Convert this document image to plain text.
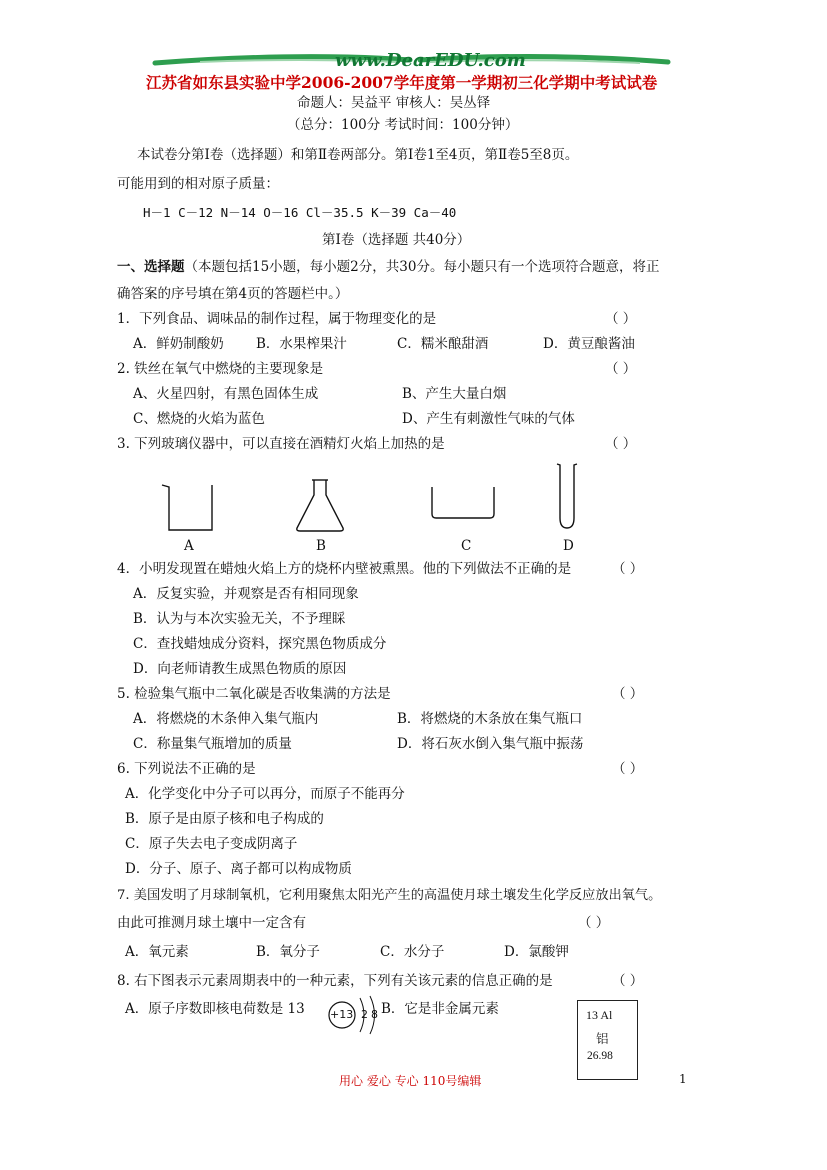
www.DearEDU.com
江苏省如东县实验中学2006-2007学年度第一学期初三化学期中考试试卷
命题人：吴益平 审核人：吴丛铎
（总分：100分 考试时间：100分钟）
本试卷分第Ⅰ卷（选择题）和第Ⅱ卷两部分。第Ⅰ卷1至4页，第Ⅱ卷5至8页。
可能用到的相对原子质量：
H－1 C－12 N－14 O－16 Cl－35.5 K－39 Ca－40
第Ⅰ卷（选择题 共40分）
一、选择题（本题包括15小题，每小题2分，共30分。每小题只有一个选项符合题意，将正
确答案的序号填在第4页的答题栏中。）
1．下列食品、调味品的制作过程，属于物理变化的是	（ ）
A．鲜奶制酸奶 B．水果榨果汁	C．糯米酿甜酒	D．黄豆酿酱油
2. 铁丝在氧气中燃烧的主要现象是	（ ）
A、火星四射，有黑色固体生成	B、产生大量白烟
C、燃烧的火焰为蓝色	D、产生有刺激性气味的气体
3. 下列玻璃仪器中，可以直接在酒精灯火焰上加热的是	（ ）
A	B	C	D
4．小明发现置在蜡烛火焰上方的烧杯内壁被熏黑。他的下列做法不正确的是	（ ）
A．反复实验，并观察是否有相同现象
B．认为与本次实验无关，不予理睬
C．查找蜡烛成分资料，探究黑色物质成分
D．向老师请教生成黑色物质的原因
5. 检验集气瓶中二氧化碳是否收集满的方法是	（ ）
A．将燃烧的木条伸入集气瓶内	B．将燃烧的木条放在集气瓶口
C．称量集气瓶增加的质量	D．将石灰水倒入集气瓶中振荡
6. 下列说法不正确的是	（ ）
A．化学变化中分子可以再分，而原子不能再分
B．原子是由原子核和电子构成的
C．原子失去电子变成阴离子
D．分子、原子、离子都可以构成物质
7. 美国发明了月球制氧机，它利用聚焦太阳光产生的高温使月球土壤发生化学反应放出氧气。
由此可推测月球土壤中一定含有	（ ）
A．氧元素	B．氧分子	C．水分子	D．氯酸钾
8. 右下图表示元素周期表中的一种元素，下列有关该元素的信息正确的是	（ ）
A．原子序数即核电荷数是 13 +13 2 8 B．它是非金属元素	13 Al
铝
26.98
用心 爱心 专心 110号编辑	1
